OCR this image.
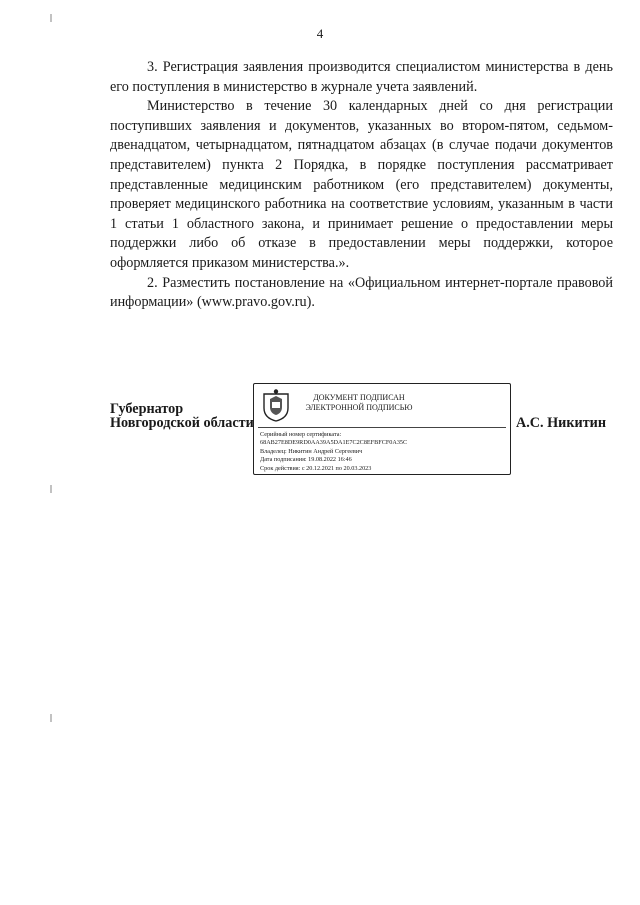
4

3. Регистрация заявления производится специалистом министерства в день его поступления в министерство в журнале учета заявлений.

Министерство в течение 30 календарных дней со дня регистрации поступивших заявления и документов, указанных во втором-пятом, седьмом-двенадцатом, четырнадцатом, пятнадцатом абзацах (в случае подачи документов представителем) пункта 2 Порядка, в порядке поступления рассматривает представленные медицинским работником (его представителем) документы, проверяет медицинского работника на соответствие условиям, указанным в части 1 статьи 1 областного закона, и принимает решение о предоставлении меры поддержки либо об отказе в предоставлении меры поддержки, которое оформляется приказом министерства.».

2. Разместить постановление на «Официальном интернет-портале правовой информации» (www.pravo.gov.ru).

Губернатор
Новгородской области
ДОКУМЕНТ ПОДПИСАН
ЭЛЕКТРОННОЙ ПОДПИСЬЮ
Серийный номер сертификата:
68AB27E8DE9RD0AA39A5DA1E7C2C8EFBFCF0A35C
Владелец: Никитин Андрей Сергеевич
Дата подписания: 19.08.2022 16:46
Срок действия: с 20.12.2021 по 20.03.2023
А.С. Никитин
